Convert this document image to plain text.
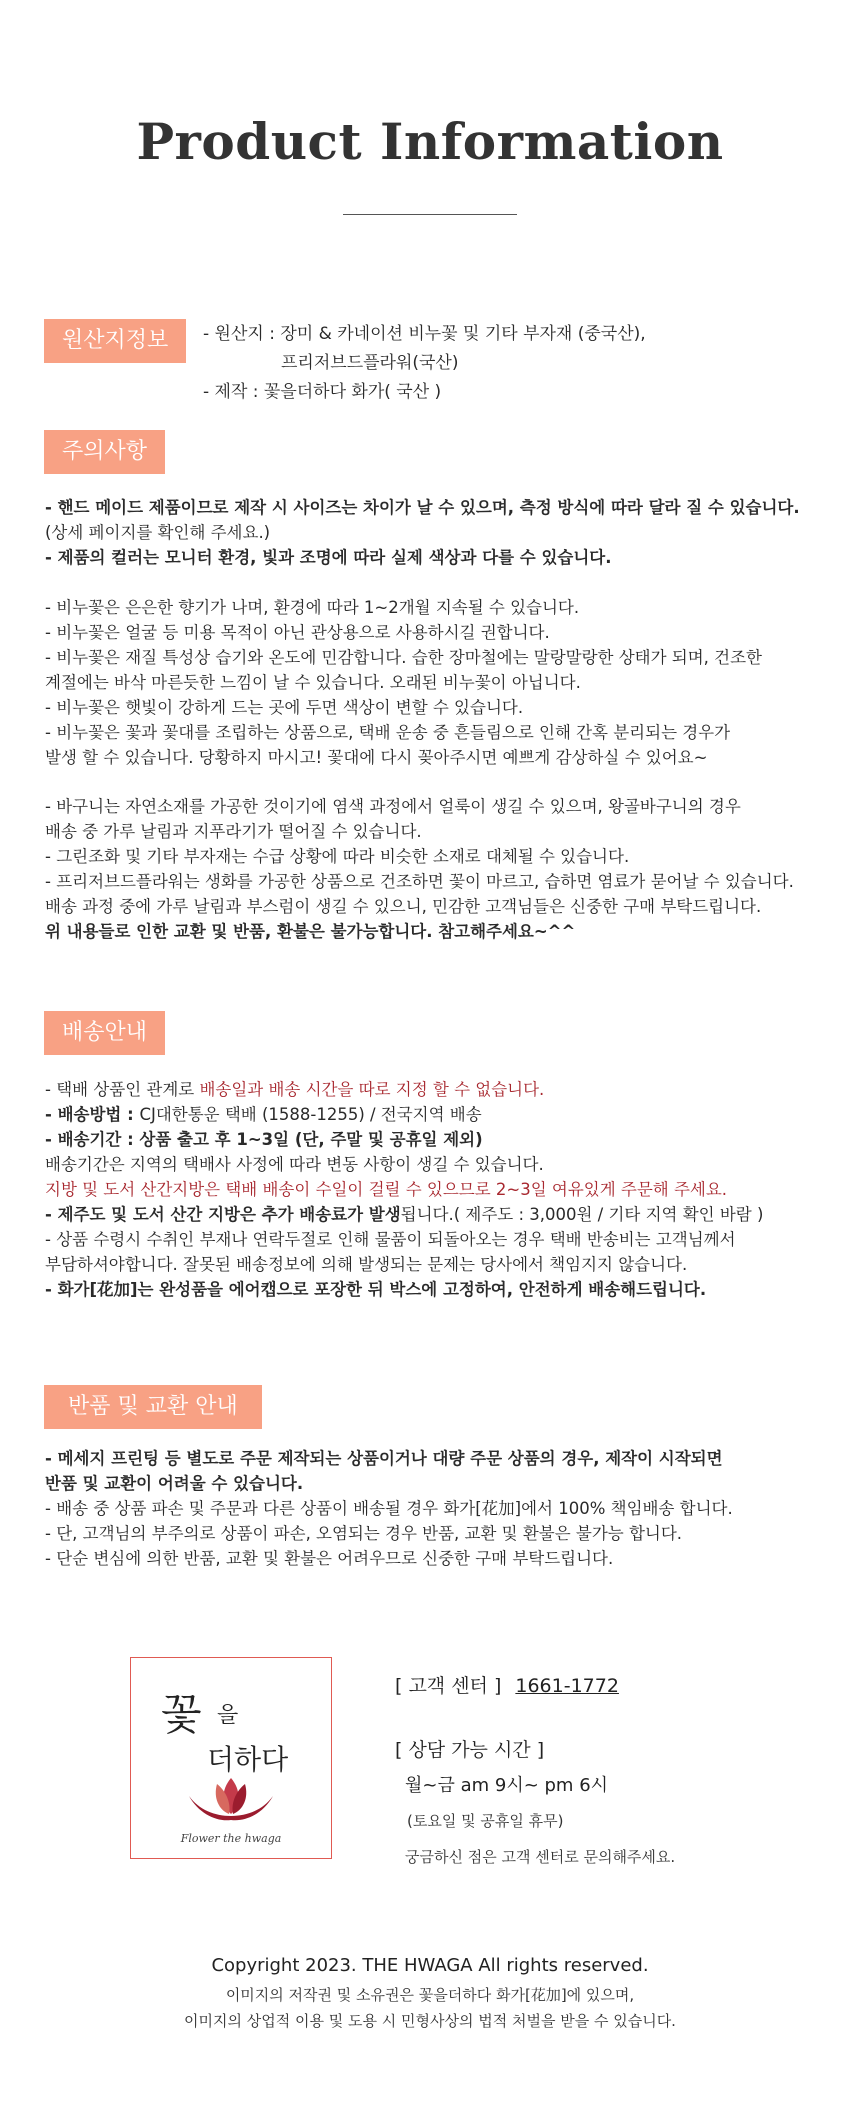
Product Information
원산지정보	- 원산지 : 장미 & 카네이션 비누꽃 및 기타 부자재 (중국산),
프리저브드플라워(국산)
- 제작 : 꽃을더하다 화가( 국산 )
주의사항
- 핸드 메이드 제품이므로 제작 시 사이즈는 차이가 날 수 있으며, 측정 방식에 따라 달라 질 수 있습니다.
(상세 페이지를 확인해 주세요.)
- 제품의 컬러는 모니터 환경, 빛과 조명에 따라 실제 색상과 다를 수 있습니다.
- 비누꽃은 은은한 향기가 나며, 환경에 따라 1~2개월 지속될 수 있습니다.
- 비누꽃은 얼굴 등 미용 목적이 아닌 관상용으로 사용하시길 권합니다.
- 비누꽃은 재질 특성상 습기와 온도에 민감합니다. 습한 장마철에는 말랑말랑한 상태가 되며, 건조한
계절에는 바삭 마른듯한 느낌이 날 수 있습니다. 오래된 비누꽃이 아닙니다.
- 비누꽃은 햇빛이 강하게 드는 곳에 두면 색상이 변할 수 있습니다.
- 비누꽃은 꽃과 꽃대를 조립하는 상품으로, 택배 운송 중 흔들림으로 인해 간혹 분리되는 경우가
발생 할 수 있습니다. 당황하지 마시고! 꽃대에 다시 꽂아주시면 예쁘게 감상하실 수 있어요~
- 바구니는 자연소재를 가공한 것이기에 염색 과정에서 얼룩이 생길 수 있으며, 왕골바구니의 경우
배송 중 가루 날림과 지푸라기가 떨어질 수 있습니다.
- 그린조화 및 기타 부자재는 수급 상황에 따라 비슷한 소재로 대체될 수 있습니다.
- 프리저브드플라워는 생화를 가공한 상품으로 건조하면 꽃이 마르고, 습하면 염료가 묻어날 수 있습니다.
배송 과정 중에 가루 날림과 부스럼이 생길 수 있으니, 민감한 고객님들은 신중한 구매 부탁드립니다.
위 내용들로 인한 교환 및 반품, 환불은 불가능합니다. 참고해주세요~^^
배송안내
- 택배 상품인 관계로 배송일과 배송 시간을 따로 지정 할 수 없습니다.
- 배송방법 : CJ대한통운 택배 (1588-1255) / 전국지역 배송
- 배송기간 : 상품 출고 후 1~3일 (단, 주말 및 공휴일 제외)
배송기간은 지역의 택배사 사정에 따라 변동 사항이 생길 수 있습니다.
지방 및 도서 산간지방은 택배 배송이 수일이 걸릴 수 있으므로 2~3일 여유있게 주문해 주세요.
- 제주도 및 도서 산간 지방은 추가 배송료가 발생됩니다.( 제주도 : 3,000원 / 기타 지역 확인 바람 )
- 상품 수령시 수취인 부재나 연락두절로 인해 물품이 되돌아오는 경우 택배 반송비는 고객님께서
부담하셔야합니다. 잘못된 배송정보에 의해 발생되는 문제는 당사에서 책임지지 않습니다.
- 화가[花加]는 완성품을 에어캡으로 포장한 뒤 박스에 고정하여, 안전하게 배송해드립니다.
반품 및 교환 안내
- 메세지 프린팅 등 별도로 주문 제작되는 상품이거나 대량 주문 상품의 경우, 제작이 시작되면
반품 및 교환이 어려울 수 있습니다.
- 배송 중 상품 파손 및 주문과 다른 상품이 배송될 경우 화가[花加]에서 100% 책임배송 합니다.
- 단, 고객님의 부주의로 상품이 파손, 오염되는 경우 반품, 교환 및 환불은 불가능 합니다.
- 단순 변심에 의한 반품, 교환 및 환불은 어려우므로 신중한 구매 부탁드립니다.
꽃 을
더하다
Flower the hwaga
[ 고객 센터 ] 1661-1772
[ 상담 가능 시간 ]
월~금 am 9시~ pm 6시
(토요일 및 공휴일 휴무)
궁금하신 점은 고객 센터로 문의해주세요.
Copyright 2023. THE HWAGA All rights reserved.
이미지의 저작권 및 소유권은 꽃을더하다 화가[花加]에 있으며,
이미지의 상업적 이용 및 도용 시 민형사상의 법적 처벌을 받을 수 있습니다.
